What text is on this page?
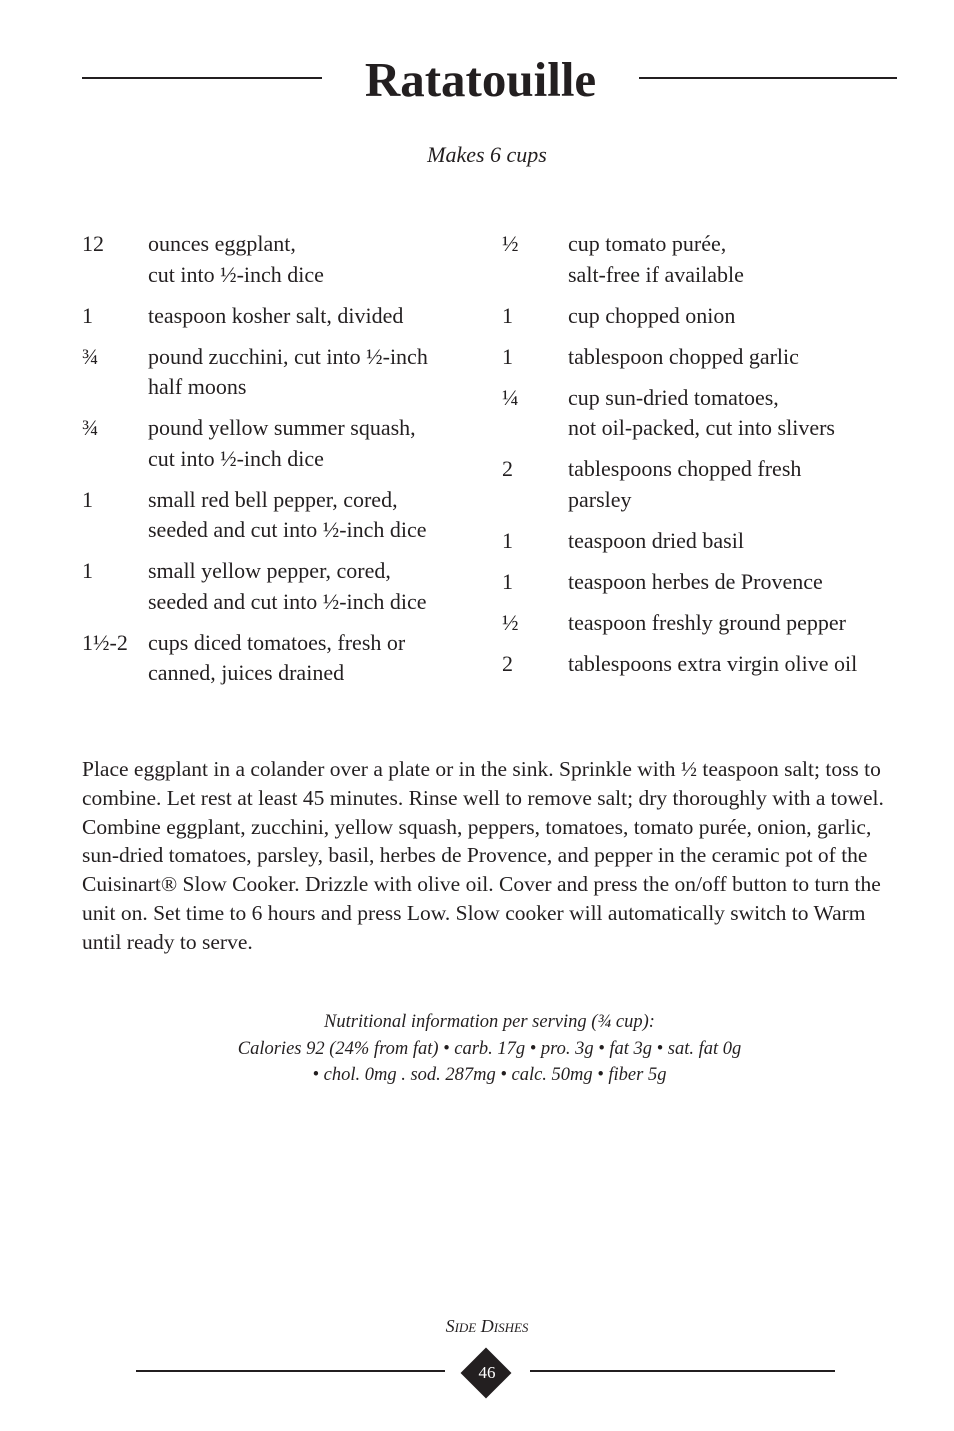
Ratatouille
Makes 6 cups
12	ounces eggplant,
cut into ½-inch dice
1	teaspoon kosher salt, divided
¾	pound zucchini, cut into ½-inch
half moons
¾	pound yellow summer squash,
cut into ½-inch dice
1	small red bell pepper, cored,
seeded and cut into ½-inch dice
1	small yellow pepper, cored,
seeded and cut into ½-inch dice
1½-2 cups diced tomatoes, fresh or
canned, juices drained
½	cup tomato purée,
salt-free if available
1	cup chopped onion
1	tablespoon chopped garlic
¼	cup sun-dried tomatoes,
not oil-packed, cut into slivers
2	tablespoons chopped fresh
parsley
1	teaspoon dried basil
1	teaspoon herbes de Provence
½	teaspoon freshly ground pepper
2	tablespoons extra virgin olive oil

Place eggplant in a colander over a plate or in the sink. Sprinkle with ½ teaspoon salt; toss to combine. Let rest at least 45 minutes. Rinse well to remove salt; dry thoroughly with a towel. Combine eggplant, zucchini, yellow squash, peppers, tomatoes, tomato purée, onion, garlic, sun-dried tomatoes, parsley, basil, herbes de Provence, and pepper in the ceramic pot of the Cuisinart® Slow Cooker. Drizzle with olive oil. Cover and press the on/off button to turn the unit on. Set time to 6 hours and press Low. Slow cooker will automatically switch to Warm until ready to serve.

Nutritional information per serving (¾ cup):
Calories 92 (24% from fat) • carb. 17g • pro. 3g • fat 3g • sat. fat 0g
• chol. 0mg . sod. 287mg • calc. 50mg • fiber 5g
Side Dishes
46
